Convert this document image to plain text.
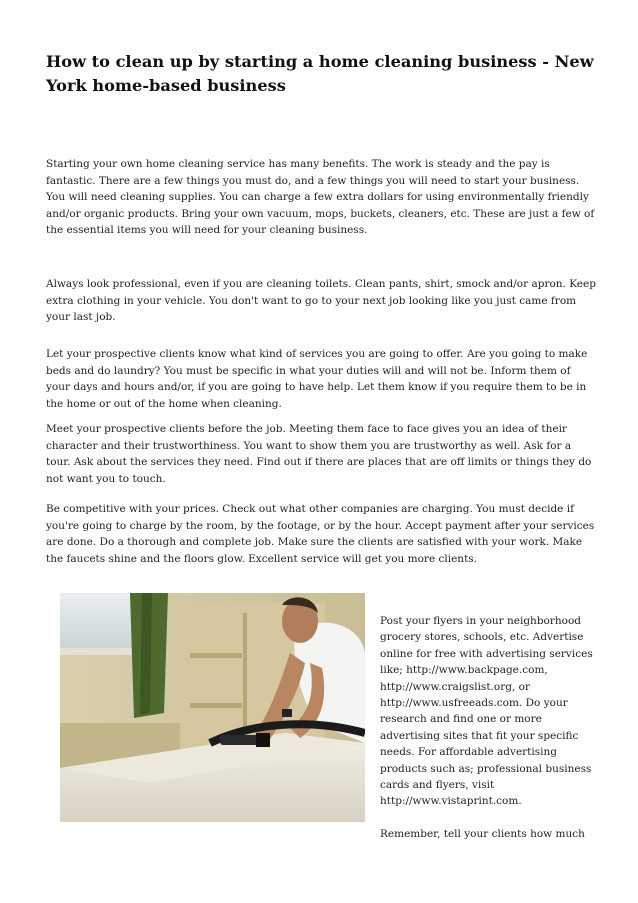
How to clean up by starting a home cleaning business - New York home-based business

Starting your own home cleaning service has many benefits. The work is steady and the pay is fantastic. There are a few things you must do, and a few things you will need to start your business. You will need cleaning supplies. You can charge a few extra dollars for using environmentally friendly and/or organic products. Bring your own vacuum, mops, buckets, cleaners, etc. These are just a few of the essential items you will need for your cleaning business.

Always look professional, even if you are cleaning toilets. Clean pants, shirt, smock and/or apron. Keep extra clothing in your vehicle. You don't want to go to your next job looking like you just came from your last job.

Let your prospective clients know what kind of services you are going to offer. Are you going to make beds and do laundry? You must be specific in what your duties will and will not be. Inform them of your days and hours and/or, if you are going to have help. Let them know if you require them to be in the home or out of the home when cleaning.

Meet your prospective clients before the job. Meeting them face to face gives you an idea of their character and their trustworthiness. You want to show them you are trustworthy as well. Ask for a tour. Ask about the services they need. Find out if there are places that are off limits or things they do not want you to touch.

Be competitive with your prices. Check out what other companies are charging. You must decide if you're going to charge by the room, by the footage, or by the hour. Accept payment after your services are done. Do a thorough and complete job. Make sure the clients are satisfied with your work. Make the faucets shine and the floors glow. Excellent service will get you more clients.

Post your flyers in your neighborhood grocery stores, schools, etc. Advertise online for free with advertising services like; http://www.backpage.com, http://www.craigslist.org, or http://www.usfreeads.com. Do your research and find one or more advertising sites that fit your specific needs. For affordable advertising products such as; professional business cards and flyers, visit http://www.vistaprint.com.

Remember, tell your clients how much
